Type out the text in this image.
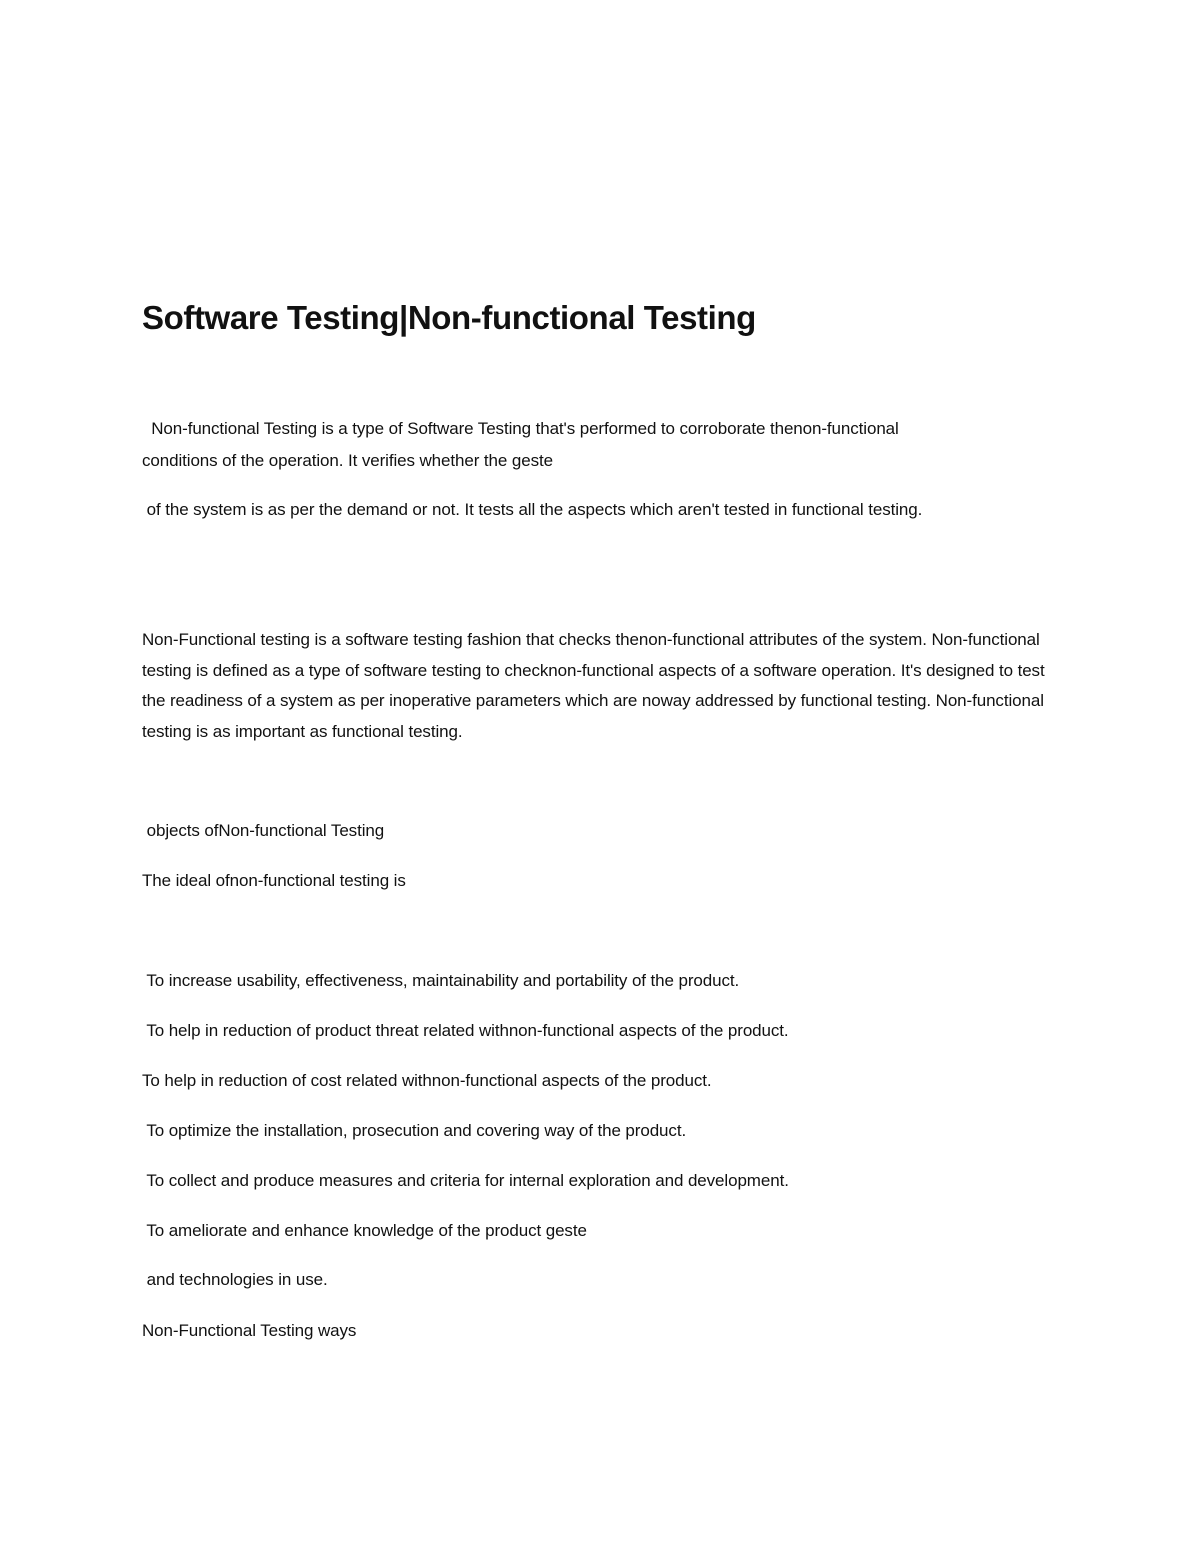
Software Testing|Non-functional Testing

Non-functional Testing is a type of Software Testing that's performed to corroborate thenon-functional

conditions of the operation. It verifies whether the geste

of the system is as per the demand or not. It tests all the aspects which aren't tested in functional testing.

Non-Functional testing is a software testing fashion that checks thenon-functional attributes of the system. Non-functional testing is defined as a type of software testing to checknon-functional aspects of a software operation. It's designed to test the readiness of a system as per inoperative parameters which are noway addressed by functional testing. Non-functional testing is as important as functional testing.

objects ofNon-functional Testing

The ideal ofnon-functional testing is

To increase usability, effectiveness, maintainability and portability of the product.

To help in reduction of product threat related withnon-functional aspects of the product.

To help in reduction of cost related withnon-functional aspects of the product.

To optimize the installation, prosecution and covering way of the product.

To collect and produce measures and criteria for internal exploration and development.

To ameliorate and enhance knowledge of the product geste

and technologies in use.

Non-Functional Testing ways
